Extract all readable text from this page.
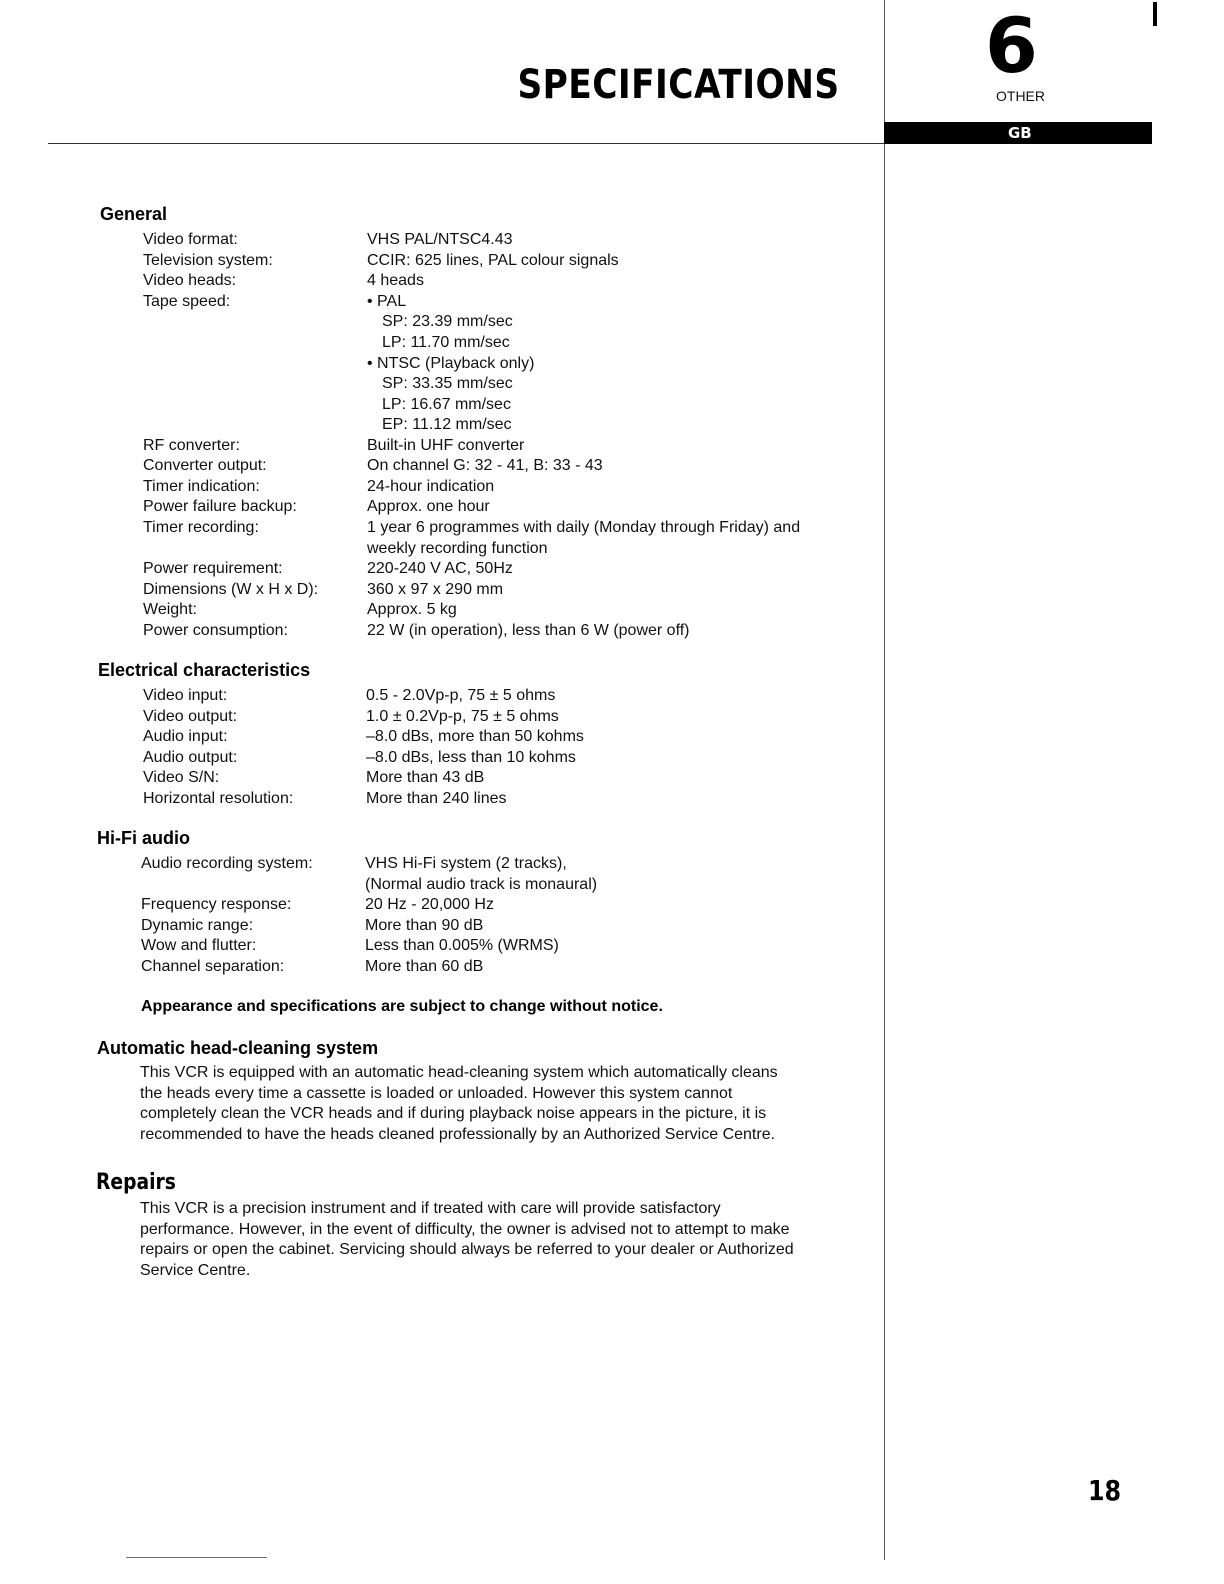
SPECIFICATIONS 6
OTHER
GB
General
Video format:	VHS PAL/NTSC4.43
Television system:	CCIR: 625 lines, PAL colour signals
Video heads:	4 heads
Tape speed:	• PAL
SP: 23.39 mm/sec
LP: 11.70 mm/sec
• NTSC (Playback only)
SP: 33.35 mm/sec
LP: 16.67 mm/sec
EP: 11.12 mm/sec
RF converter:	Built-in UHF converter
Converter output:	On channel G: 32 - 41, B: 33 - 43
Timer indication:	24-hour indication
Power failure backup:	Approx. one hour
Timer recording:	1 year 6 programmes with daily (Monday through Friday) and
weekly recording function
Power requirement:	220-240 V AC, 50Hz
Dimensions (W x H x D):	360 x 97 x 290 mm
Weight:	Approx. 5 kg
Power consumption:	22 W (in operation), less than 6 W (power off)
Electrical characteristics
Video input:	0.5 - 2.0Vp-p, 75 ± 5 ohms
Video output:	1.0 ± 0.2Vp-p, 75 ± 5 ohms
Audio input:	–8.0 dBs, more than 50 kohms
Audio output:	–8.0 dBs, less than 10 kohms
Video S/N:	More than 43 dB
Horizontal resolution:	More than 240 lines
Hi-Fi audio
Audio recording system:	VHS Hi-Fi system (2 tracks),
(Normal audio track is monaural)
Frequency response:	20 Hz - 20,000 Hz
Dynamic range:	More than 90 dB
Wow and flutter:	Less than 0.005% (WRMS)
Channel separation:	More than 60 dB
Appearance and specifications are subject to change without notice.
Automatic head-cleaning system
This VCR is equipped with an automatic head-cleaning system which automatically cleans
the heads every time a cassette is loaded or unloaded. However this system cannot
completely clean the VCR heads and if during playback noise appears in the picture, it is
recommended to have the heads cleaned professionally by an Authorized Service Centre.
Repairs
This VCR is a precision instrument and if treated with care will provide satisfactory
performance. However, in the event of difficulty, the owner is advised not to attempt to make
repairs or open the cabinet. Servicing should always be referred to your dealer or Authorized
Service Centre.
18
